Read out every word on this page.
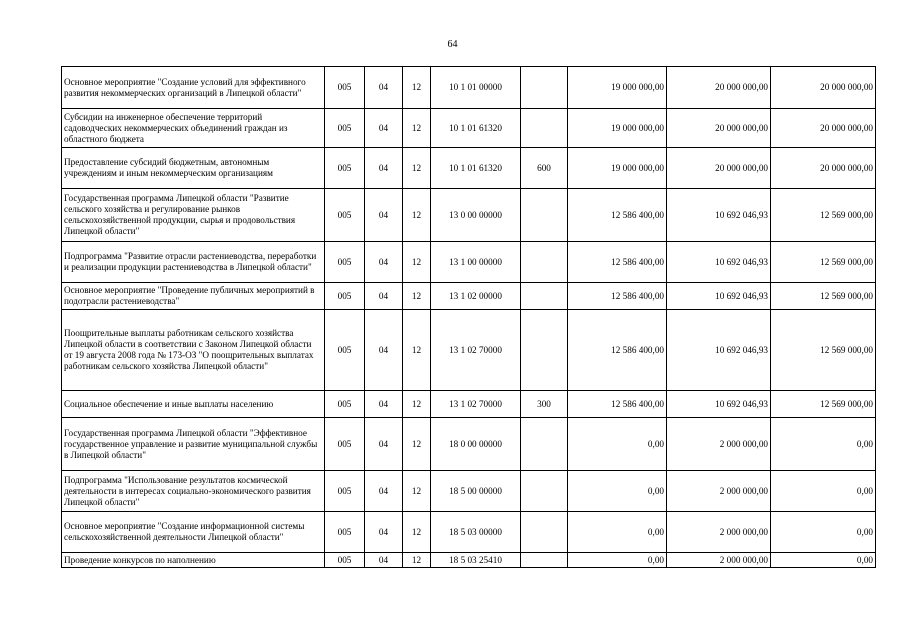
64
Основное мероприятие "Создание условий для эффективного развития некоммерческих организаций в Липецкой области"	005	04	12	10 1 01 00000		19 000 000,00	20 000 000,00	20 000 000,00
Субсидии на инженерное обеспечение территорий садоводческих некоммерческих объединений граждан из областного бюджета	005	04	12	10 1 01 61320		19 000 000,00	20 000 000,00	20 000 000,00
Предоставление субсидий бюджетным, автономным учреждениям и иным некоммерческим организациям	005	04	12	10 1 01 61320	600	19 000 000,00	20 000 000,00	20 000 000,00
Государственная программа Липецкой области "Развитие сельского хозяйства и регулирование рынков сельскохозяйственной продукции, сырья и продовольствия Липецкой области"	005	04	12	13 0 00 00000		12 586 400,00	10 692 046,93	12 569 000,00
Подпрограмма "Развитие отрасли растениеводства, переработки и реализации продукции растениеводства в Липецкой области"	005	04	12	13 1 00 00000		12 586 400,00	10 692 046,93	12 569 000,00
Основное мероприятие "Проведение публичных мероприятий в подотрасли растениеводства"	005	04	12	13 1 02 00000		12 586 400,00	10 692 046,93	12 569 000,00
Поощрительные выплаты работникам сельского хозяйства Липецкой области в соответствии с Законом Липецкой области от 19 августа 2008 года № 173-ОЗ "О поощрительных выплатах работникам сельского хозяйства Липецкой области"	005	04	12	13 1 02 70000		12 586 400,00	10 692 046,93	12 569 000,00
Социальное обеспечение и иные выплаты населению	005	04	12	13 1 02 70000	300	12 586 400,00	10 692 046,93	12 569 000,00
Государственная программа Липецкой области "Эффективное государственное управление и развитие муниципальной службы в Липецкой области"	005	04	12	18 0 00 00000		0,00	2 000 000,00	0,00
Подпрограмма "Использование результатов космической деятельности в интересах социально-экономического развития Липецкой области"	005	04	12	18 5 00 00000		0,00	2 000 000,00	0,00
Основное мероприятие "Создание информационной системы сельскохозяйственной деятельности Липецкой области"	005	04	12	18 5 03 00000		0,00	2 000 000,00	0,00
Проведение конкурсов по наполнению	005	04	12	18 5 03 25410		0,00	2 000 000,00	0,00
